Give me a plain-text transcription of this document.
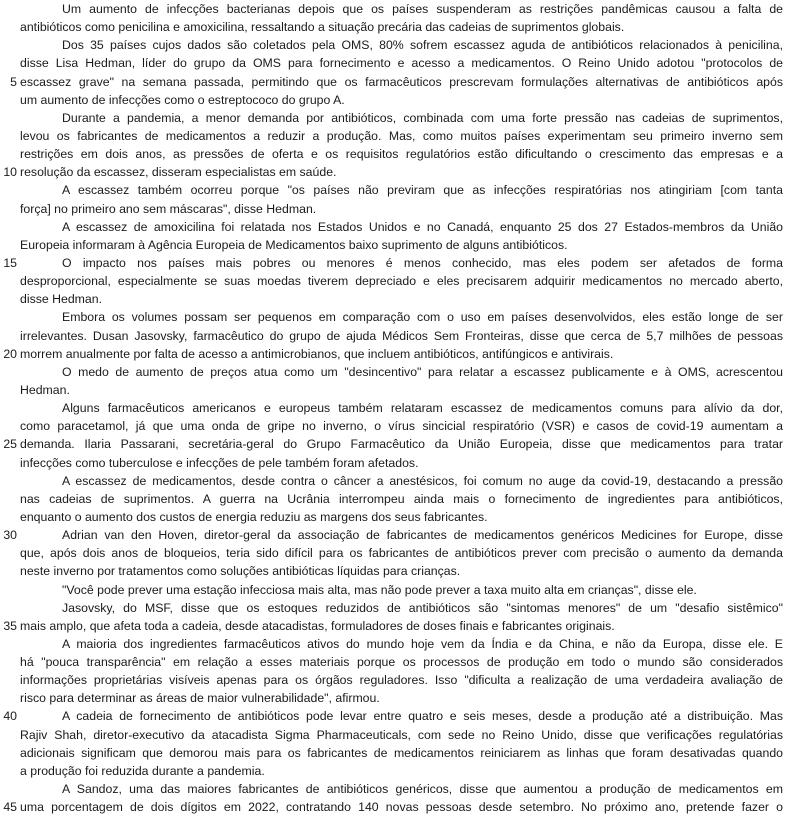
Um aumento de infecções bacterianas depois que os países suspenderam as restrições pandêmicas causou a falta de
antibióticos como penicilina e amoxicilina, ressaltando a situação precária das cadeias de suprimentos globais.
Dos 35 países cujos dados são coletados pela OMS, 80% sofrem escassez aguda de antibióticos relacionados à penicilina,
disse Lisa Hedman, líder do grupo da OMS para fornecimento e acesso a medicamentos. O Reino Unido adotou "protocolos de
5 escassez grave" na semana passada, permitindo que os farmacêuticos prescrevam formulações alternativas de antibióticos após
um aumento de infecções como o estreptococo do grupo A.
Durante a pandemia, a menor demanda por antibióticos, combinada com uma forte pressão nas cadeias de suprimentos,
levou os fabricantes de medicamentos a reduzir a produção. Mas, como muitos países experimentam seu primeiro inverno sem
restrições em dois anos, as pressões de oferta e os requisitos regulatórios estão dificultando o crescimento das empresas e a
10 resolução da escassez, disseram especialistas em saúde.
A escassez também ocorreu porque "os países não previram que as infecções respiratórias nos atingiriam [com tanta
força] no primeiro ano sem máscaras", disse Hedman.
A escassez de amoxicilina foi relatada nos Estados Unidos e no Canadá, enquanto 25 dos 27 Estados-membros da União
Europeia informaram à Agência Europeia de Medicamentos baixo suprimento de alguns antibióticos.
15	O impacto nos países mais pobres ou menores é menos conhecido, mas eles podem ser afetados de forma
desproporcional, especialmente se suas moedas tiverem depreciado e eles precisarem adquirir medicamentos no mercado aberto,
disse Hedman.
Embora os volumes possam ser pequenos em comparação com o uso em países desenvolvidos, eles estão longe de ser
irrelevantes. Dusan Jasovsky, farmacêutico do grupo de ajuda Médicos Sem Fronteiras, disse que cerca de 5,7 milhões de pessoas
20 morrem anualmente por falta de acesso a antimicrobianos, que incluem antibióticos, antifúngicos e antivirais.
O medo de aumento de preços atua como um "desincentivo" para relatar a escassez publicamente e à OMS, acrescentou
Hedman.
Alguns farmacêuticos americanos e europeus também relataram escassez de medicamentos comuns para alívio da dor,
como paracetamol, já que uma onda de gripe no inverno, o vírus sincicial respiratório (VSR) e casos de covid-19 aumentam a
25 demanda. Ilaria Passarani, secretária-geral do Grupo Farmacêutico da União Europeia, disse que medicamentos para tratar
infecções como tuberculose e infecções de pele também foram afetados.
A escassez de medicamentos, desde contra o câncer a anestésicos, foi comum no auge da covid-19, destacando a pressão
nas cadeias de suprimentos. A guerra na Ucrânia interrompeu ainda mais o fornecimento de ingredientes para antibióticos,
enquanto o aumento dos custos de energia reduziu as margens dos seus fabricantes.
30	Adrian van den Hoven, diretor-geral da associação de fabricantes de medicamentos genéricos Medicines for Europe, disse
que, após dois anos de bloqueios, teria sido difícil para os fabricantes de antibióticos prever com precisão o aumento da demanda
neste inverno por tratamentos como soluções antibióticas líquidas para crianças.
"Você pode prever uma estação infecciosa mais alta, mas não pode prever a taxa muito alta em crianças", disse ele.
Jasovsky, do MSF, disse que os estoques reduzidos de antibióticos são "sintomas menores" de um "desafio sistêmico"
35 mais amplo, que afeta toda a cadeia, desde atacadistas, formuladores de doses finais e fabricantes originais.
A maioria dos ingredientes farmacêuticos ativos do mundo hoje vem da Índia e da China, e não da Europa, disse ele. E
há "pouca transparência" em relação a esses materiais porque os processos de produção em todo o mundo são considerados
informações proprietárias visíveis apenas para os órgãos reguladores. Isso "dificulta a realização de uma verdadeira avaliação de
risco para determinar as áreas de maior vulnerabilidade", afirmou.
40	A cadeia de fornecimento de antibióticos pode levar entre quatro e seis meses, desde a produção até a distribuição. Mas
Rajiv Shah, diretor-executivo da atacadista Sigma Pharmaceuticals, com sede no Reino Unido, disse que verificações regulatórias
adicionais significam que demorou mais para os fabricantes de medicamentos reiniciarem as linhas que foram desativadas quando
a produção foi reduzida durante a pandemia.
A Sandoz, uma das maiores fabricantes de antibióticos genéricos, disse que aumentou a produção de medicamentos em
45 uma porcentagem de dois dígitos em 2022, contratando 140 novas pessoas desde setembro. No próximo ano, pretende fazer o
